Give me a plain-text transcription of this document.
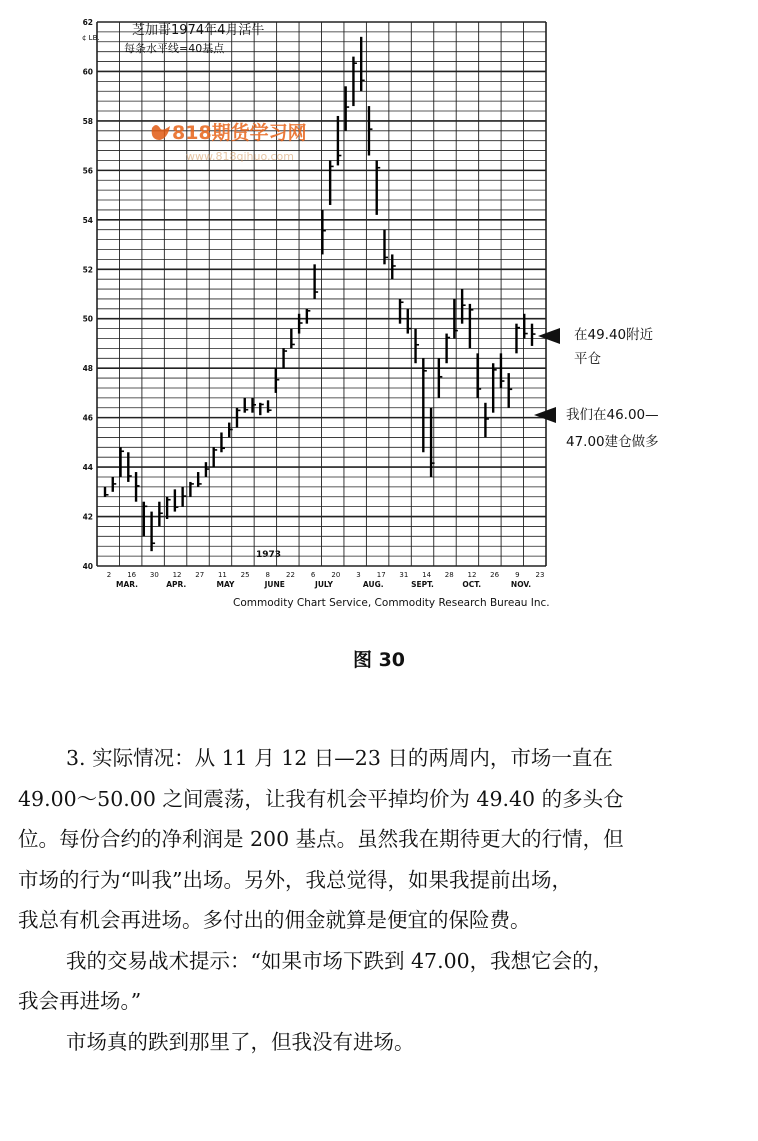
40
42
44
46
48
50
52
54
56
58
60
62
2 16 30 12 27 11 25 8 22 6 20 3 17 31 14 28 12 26 9 23
MAR.	APR.	MAY	JUNE	JULY	AUG.	SEPT.	OCT.	NOV.
芝加哥1974年4月活牛
每条水平线=40基点
¢ LB.
818期货学习网
www.818qihuo.com
1973
Commodity Chart Service, Commodity Research Bureau Inc.
在49.40附近
平仓
我们在46.00—
47.00建仓做多
图 30

3. 实际情况：从 11 月 12 日—23 日的两周内，市场一直在

49.00～50.00 之间震荡，让我有机会平掉均价为 49.40 的多头仓

位。每份合约的净利润是 200 基点。虽然我在期待更大的行情，但

市场的行为“叫我”出场。另外，我总觉得，如果我提前出场，

我总有机会再进场。多付出的佣金就算是便宜的保险费。

我的交易战术提示：“如果市场下跌到 47.00，我想它会的，

我会再进场。”

市场真的跌到那里了，但我没有进场。
